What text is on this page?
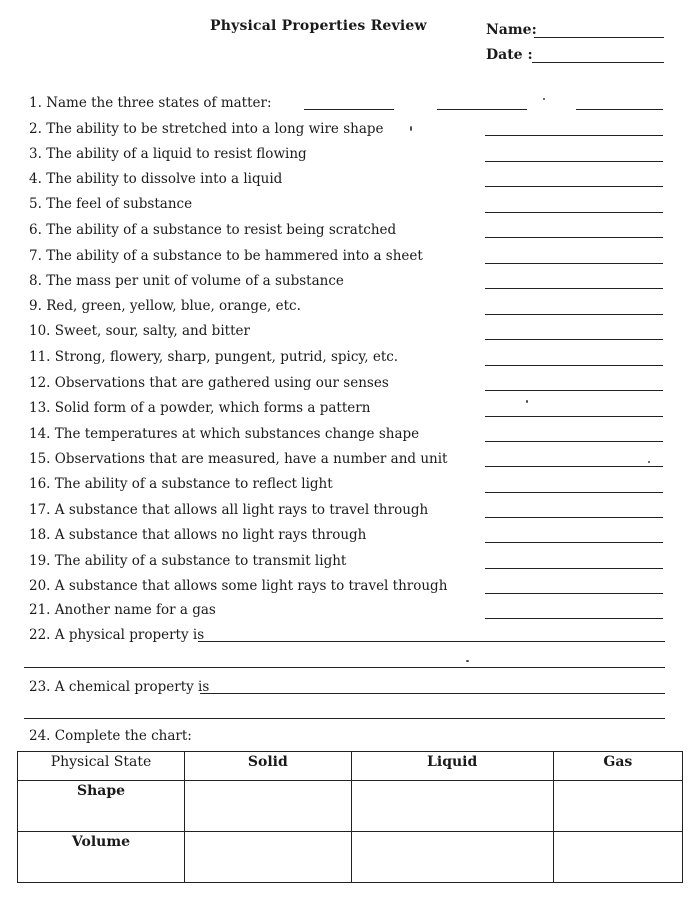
Physical Properties Review	Name:
Date :
1. Name the three states of matter:
2. The ability to be stretched into a long wire shape
3. The ability of a liquid to resist flowing
4. The ability to dissolve into a liquid
5. The feel of substance
6. The ability of a substance to resist being scratched
7. The ability of a substance to be hammered into a sheet
8. The mass per unit of volume of a substance
9. Red, green, yellow, blue, orange, etc.
10. Sweet, sour, salty, and bitter
11. Strong, flowery, sharp, pungent, putrid, spicy, etc.
12. Observations that are gathered using our senses
13. Solid form of a powder, which forms a pattern
14. The temperatures at which substances change shape
15. Observations that are measured, have a number and unit
16. The ability of a substance to reflect light
17. A substance that allows all light rays to travel through
18. A substance that allows no light rays through
19. The ability of a substance to transmit light
20. A substance that allows some light rays to travel through
21. Another name for a gas
22. A physical property is
23. A chemical property is
24. Complete the chart:
Physical State	Solid	Liquid	Gas
Shape			
Volume			
